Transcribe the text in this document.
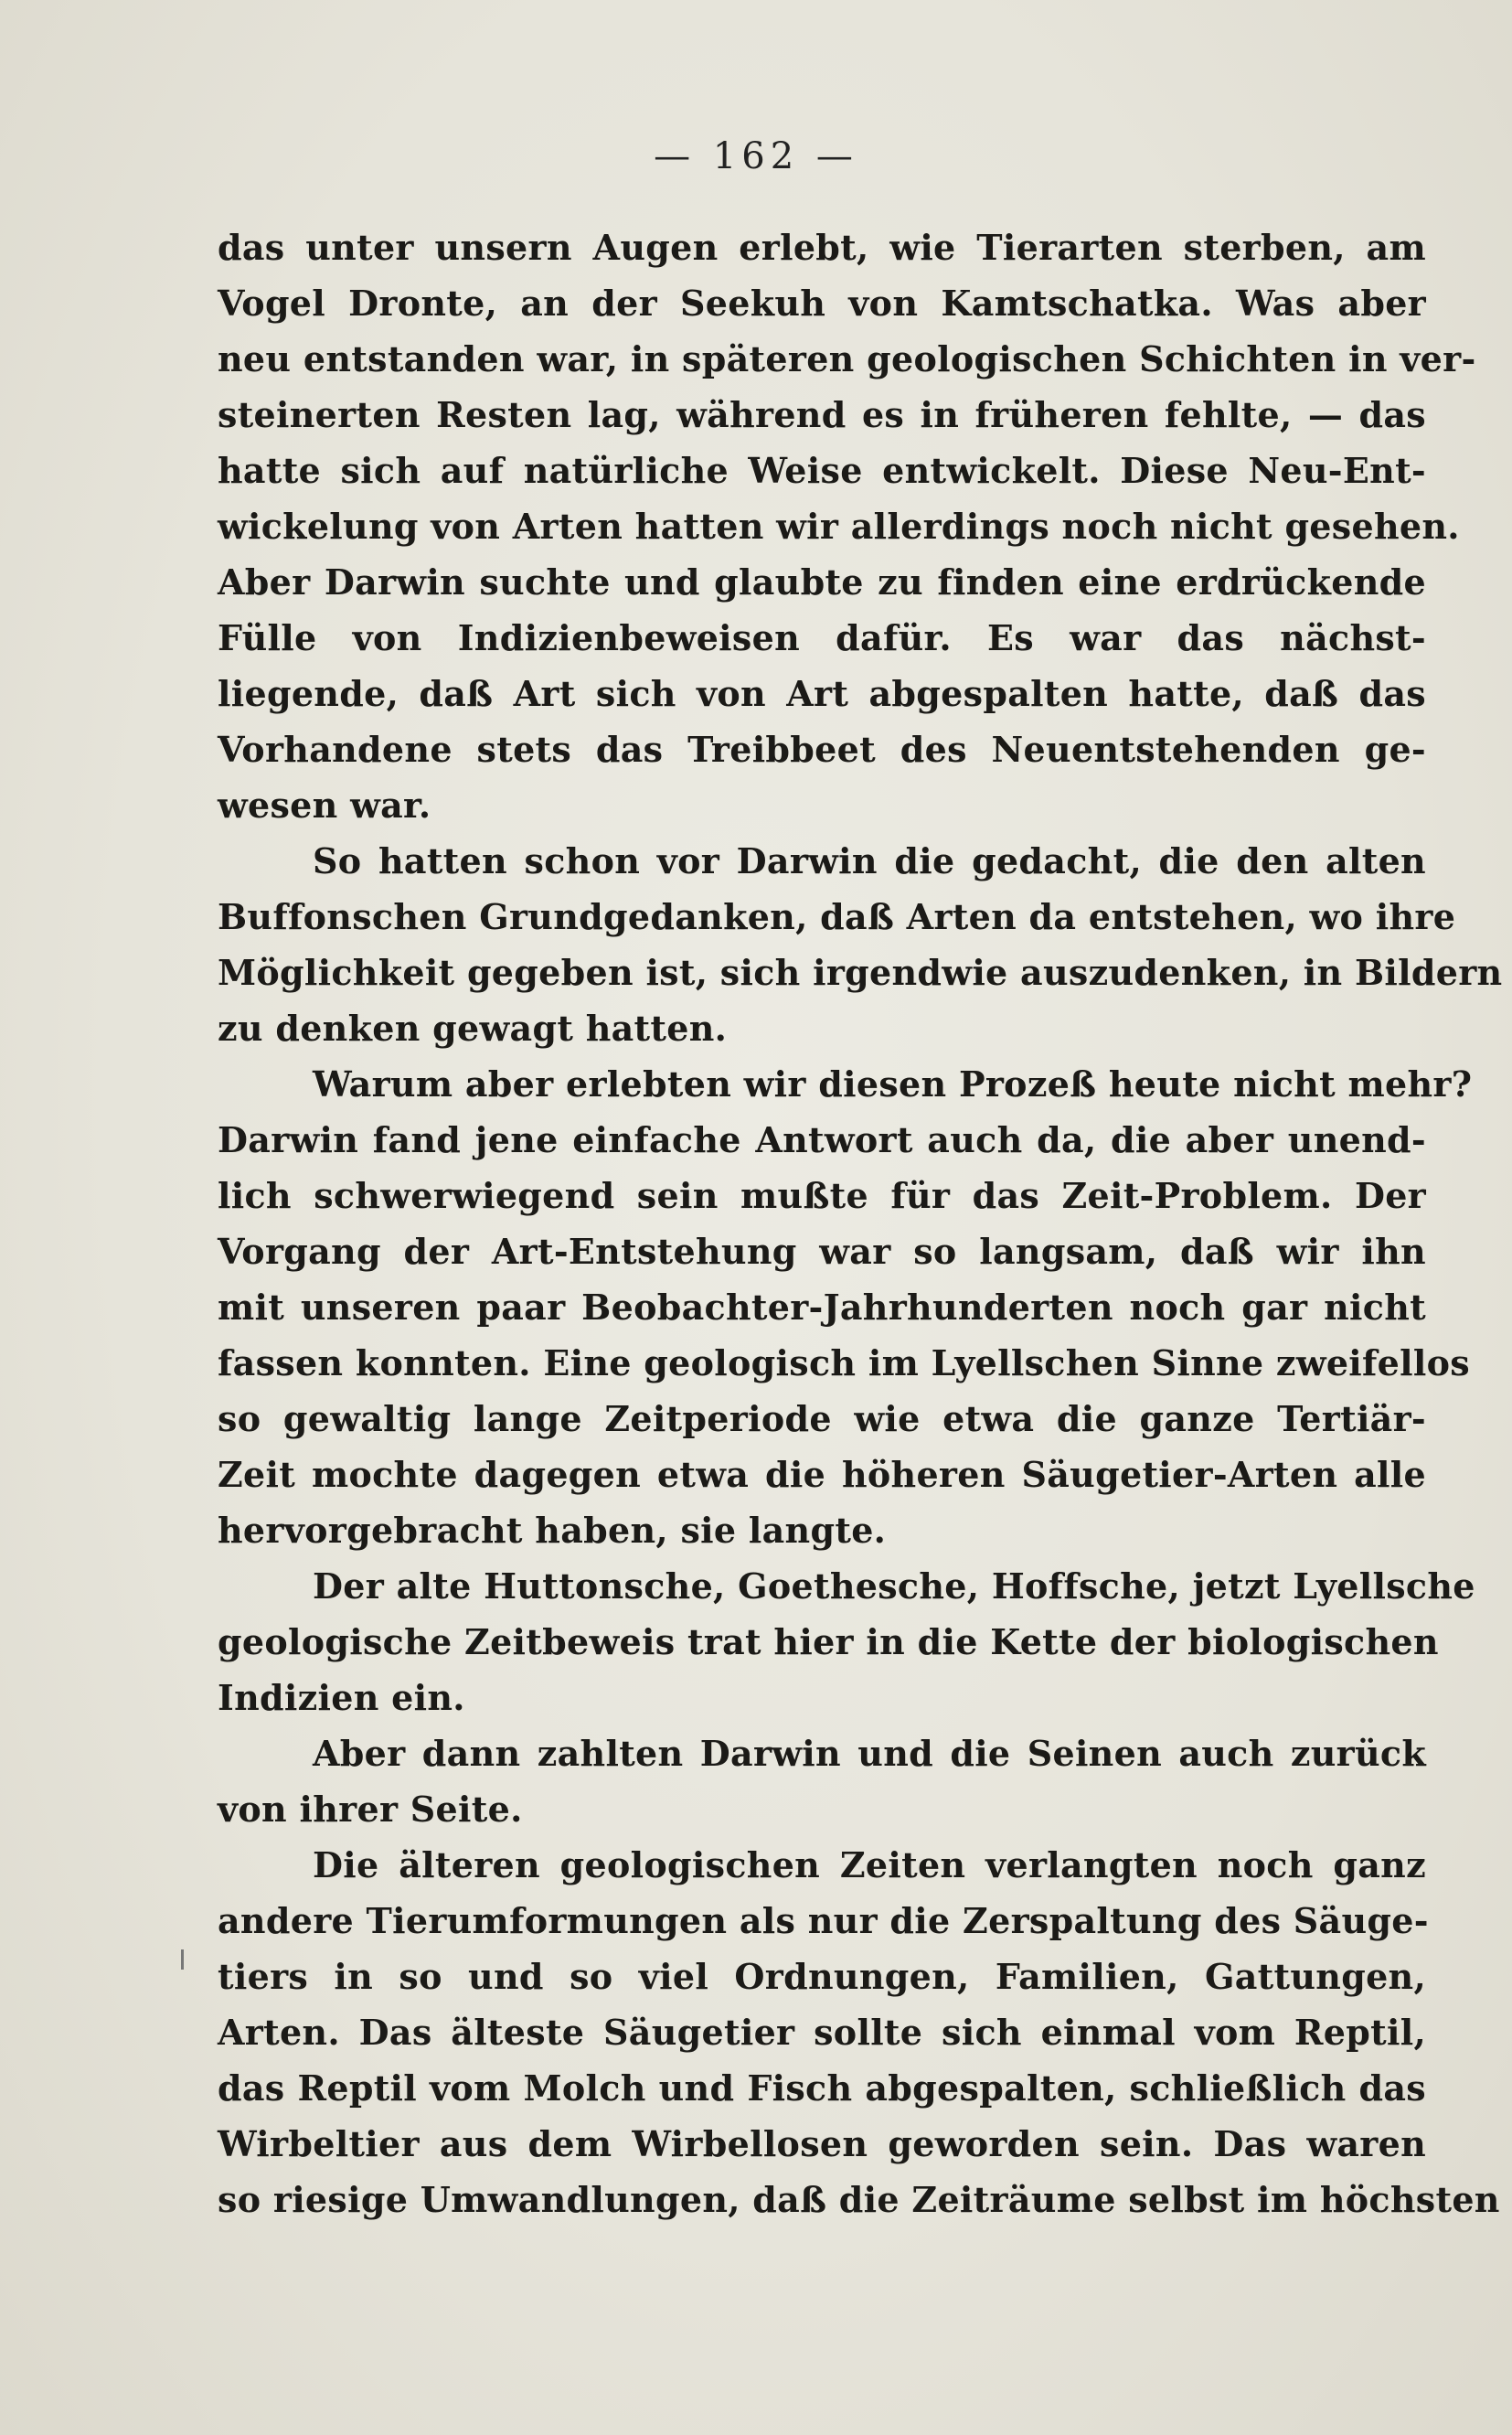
— 162 —
das unter unsern Augen erlebt, wie Tierarten sterben, am
Vogel Dronte, an der Seekuh von Kamtschatka. Was aber
neu entstanden war, in späteren geologischen Schichten in ver-
steinerten Resten lag, während es in früheren fehlte, — das
hatte sich auf natürliche Weise entwickelt. Diese Neu-Ent-
wickelung von Arten hatten wir allerdings noch nicht gesehen.
Aber Darwin suchte und glaubte zu finden eine erdrückende
Fülle von Indizienbeweisen dafür. Es war das nächst-
liegende, daß Art sich von Art abgespalten hatte, daß das
Vorhandene stets das Treibbeet des Neuentstehenden ge-
wesen war.
So hatten schon vor Darwin die gedacht, die den alten
Buffonschen Grundgedanken, daß Arten da entstehen, wo ihre
Möglichkeit gegeben ist, sich irgendwie auszudenken, in Bildern
zu denken gewagt hatten.
Warum aber erlebten wir diesen Prozeß heute nicht mehr?
Darwin fand jene einfache Antwort auch da, die aber unend-
lich schwerwiegend sein mußte für das Zeit-Problem. Der
Vorgang der Art-Entstehung war so langsam, daß wir ihn
mit unseren paar Beobachter-Jahrhunderten noch gar nicht
fassen konnten. Eine geologisch im Lyellschen Sinne zweifellos
so gewaltig lange Zeitperiode wie etwa die ganze Tertiär-
Zeit mochte dagegen etwa die höheren Säugetier-Arten alle
hervorgebracht haben, sie langte.
Der alte Huttonsche, Goethesche, Hoffsche, jetzt Lyellsche
geologische Zeitbeweis trat hier in die Kette der biologischen
Indizien ein.
Aber dann zahlten Darwin und die Seinen auch zurück
von ihrer Seite.
Die älteren geologischen Zeiten verlangten noch ganz
andere Tierumformungen als nur die Zerspaltung des Säuge-
tiers in so und so viel Ordnungen, Familien, Gattungen,
Arten. Das älteste Säugetier sollte sich einmal vom Reptil,
das Reptil vom Molch und Fisch abgespalten, schließlich das
Wirbeltier aus dem Wirbellosen geworden sein. Das waren
so riesige Umwandlungen, daß die Zeiträume selbst im höchsten
